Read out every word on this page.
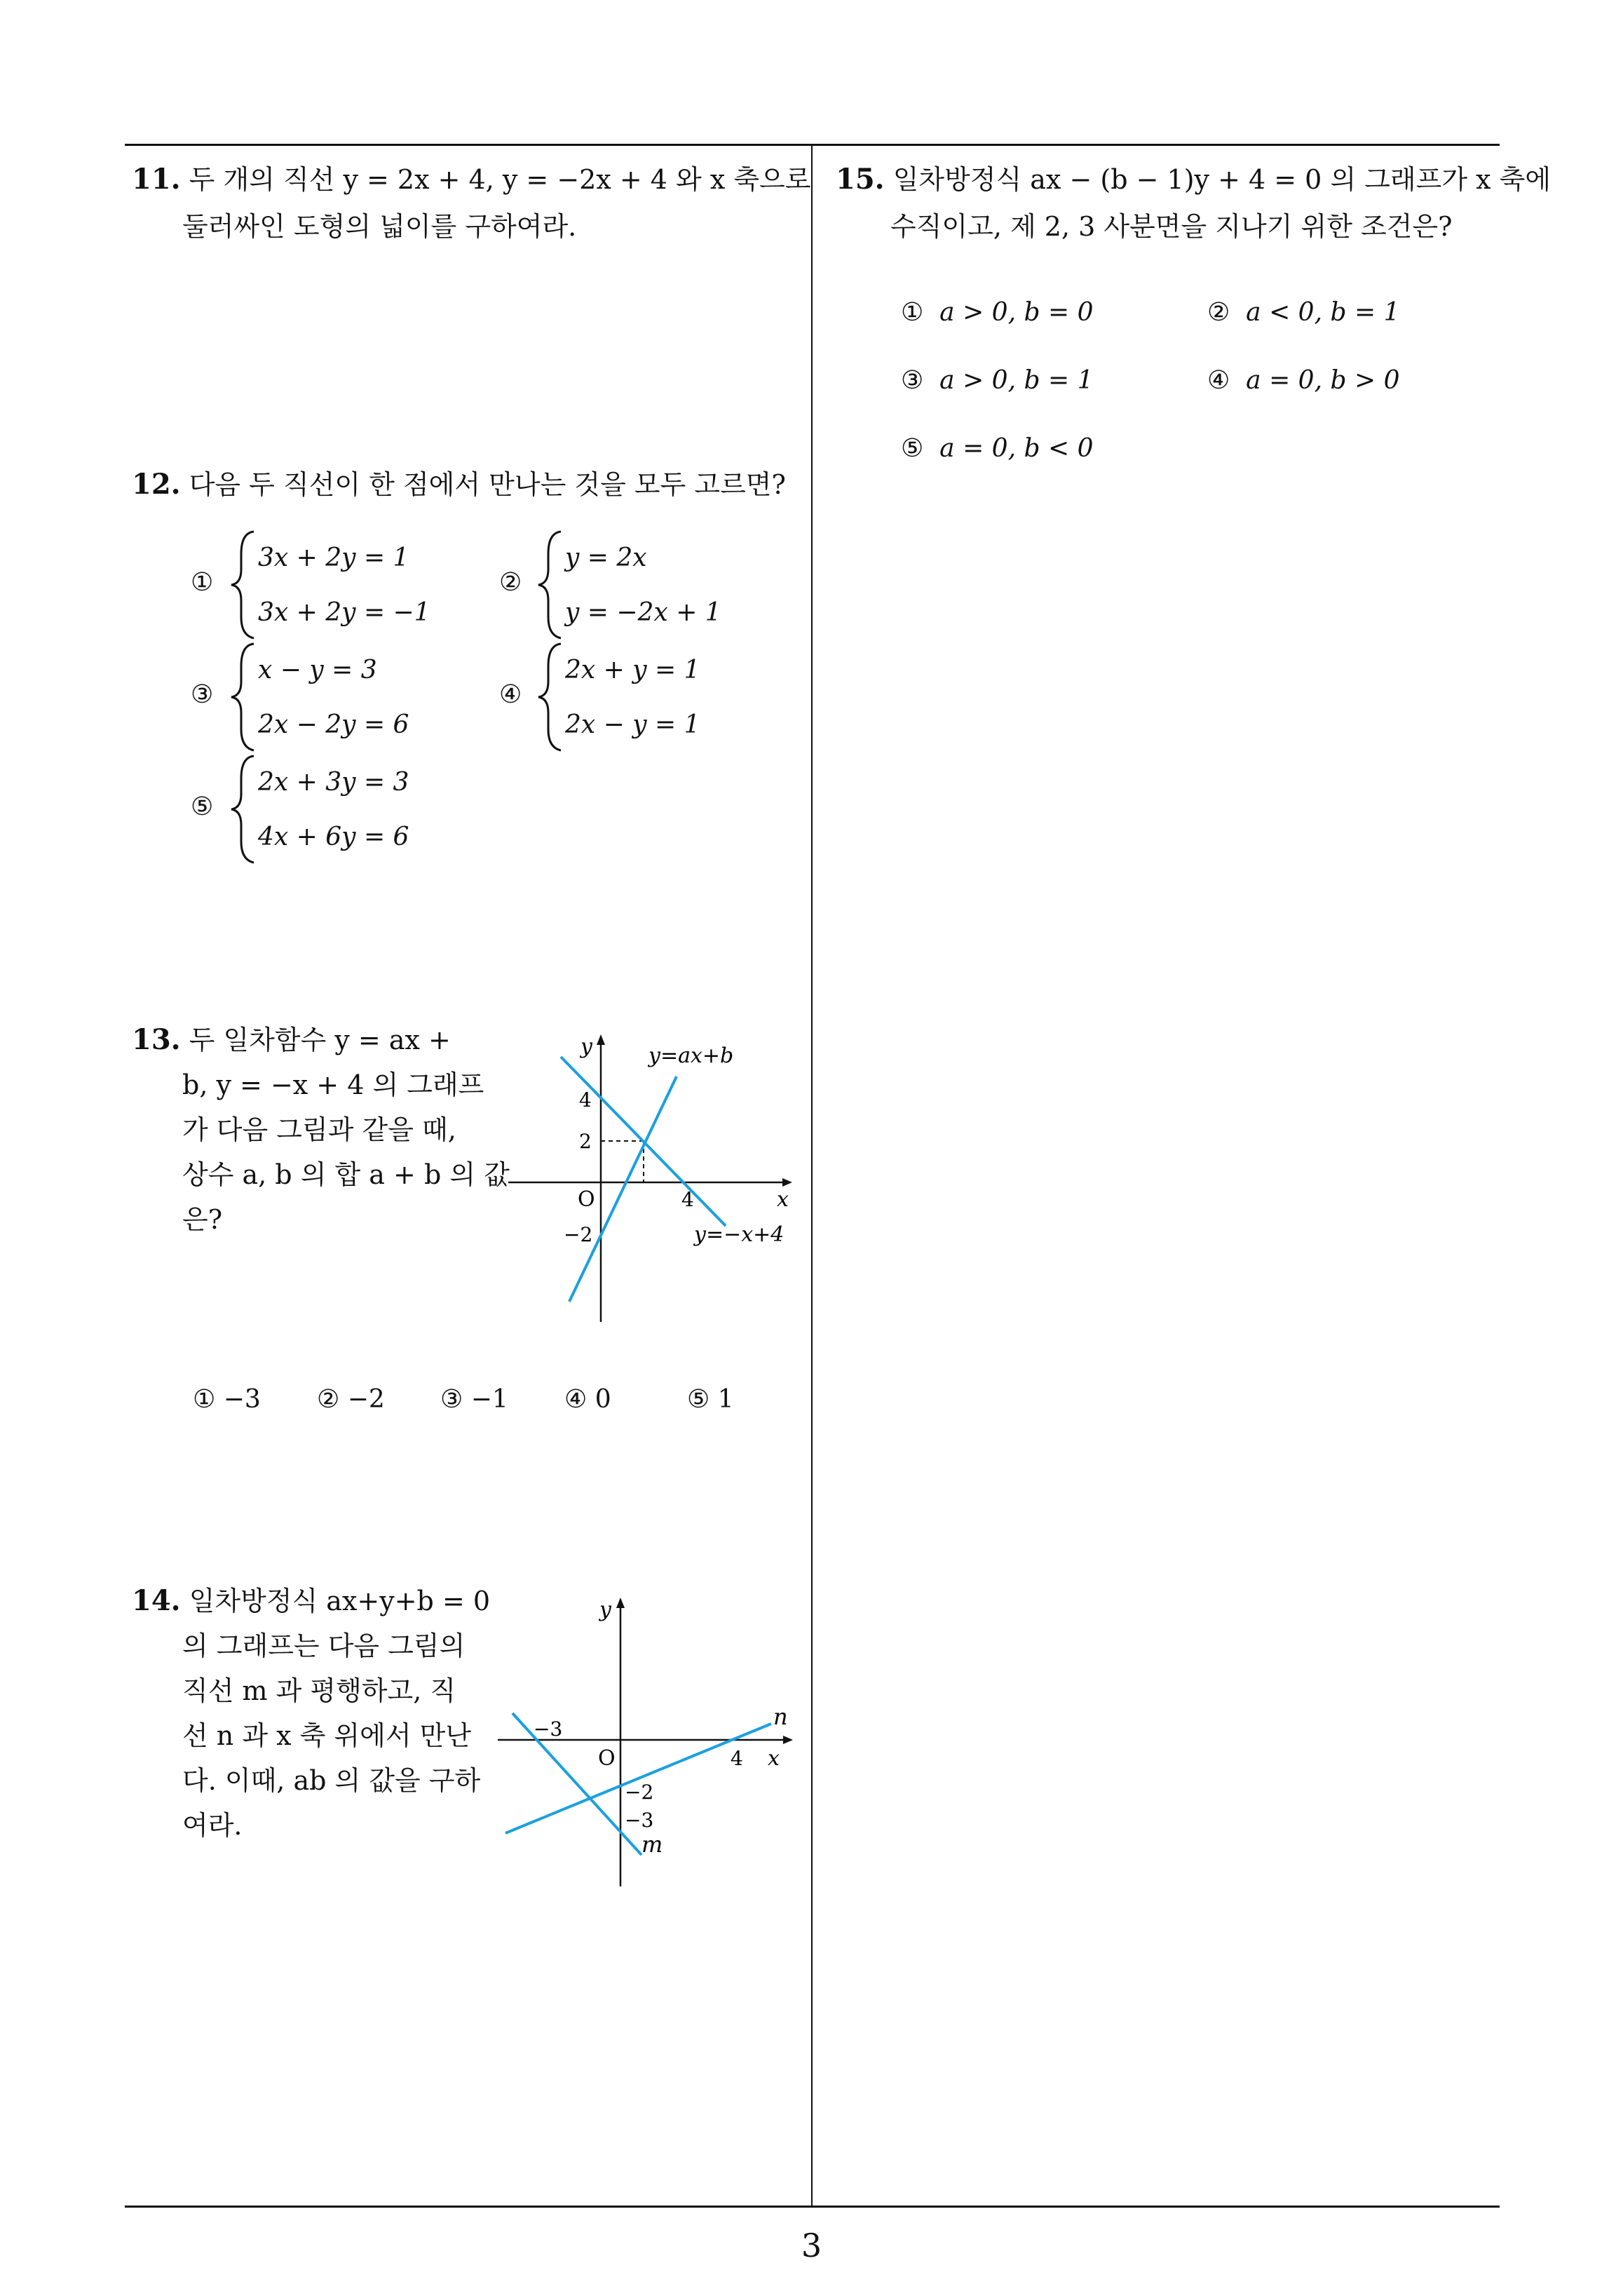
11. 두 개의 직선 y = 2x + 4, y = −2x + 4 와 x 축으로
둘러싸인 도형의 넓이를 구하여라.
12. 다음 두 직선이 한 점에서 만나는 것을 모두 고르면?
①
3x + 2y = 1
3x + 2y = −1
②
y = 2x
y = −2x + 1
③
x − y = 3
2x − 2y = 6
④
2x + y = 1
2x − y = 1
⑤
2x + 3y = 3
4x + 6y = 6
13. 두 일차함수 y = ax +
b, y = −x + 4 의 그래프
가 다음 그림과 같을 때,
상수 a, b 의 합 a + b 의 값
은?
y	y=ax+b
4
2
O	4	x
−2	y=−x+4
① −3 ② −2 ③ −1 ④ 0	⑤ 1
14. 일차방정식 ax+y+b = 0
의 그래프는 다음 그림의
직선 m 과 평행하고, 직
선 n 과 x 축 위에서 만난
다. 이때, ab 의 값을 구하
여라.
y
−3	n
O	4 x
−2
−3
m
15. 일차방정식 ax − (b − 1)y + 4 = 0 의 그래프가 x 축에
수직이고, 제 2, 3 사분면을 지나기 위한 조건은?
① a > 0, b = 0	② a < 0, b = 1
③ a > 0, b = 1	④ a = 0, b > 0
⑤ a = 0, b < 0
3
